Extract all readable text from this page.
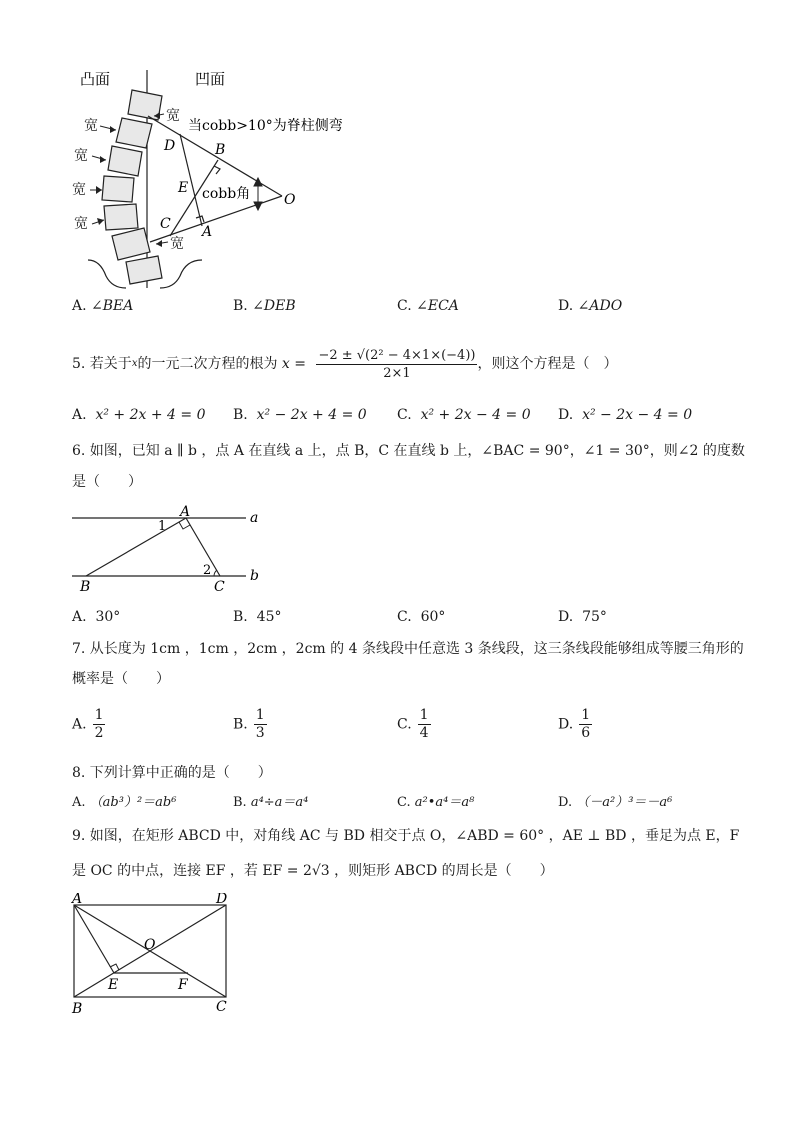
凸面	凹面
宽
宽
宽
宽
宽
宽
当cobb>10°为脊柱侧弯
cobb角
D	B
E
C A
O
A. ∠BEA	B. ∠DEB	C. ∠ECA	D. ∠ADO
5. 若关于$^x$的一元二次方程的根为 $x = \frac{\text{−2 ± √(2² − 4×1×(−4))}}{2\times 1}$ ，则这个方程是（　）
A. x² + 2x + 4 = 0 B. x² − 2x + 4 = 0 C. x² + 2x − 4 = 0 D. x² − 2x − 4 = 0
6. 如图，已知 a ∥ b ，点 A 在直线 a 上，点 B，C 在直线 b 上，∠BAC = 90°，∠1 = 30°，则∠2 的度数
是（　　）
A	a
b
B	C
1
2
A. 30°	B. 45°	C. 60°	D. 75°
7. 从长度为 1cm ，1cm ，2cm ，2cm 的 4 条线段中任意选 3 条线段，这三条线段能够组成等腰三角形的
概率是（　　）
A. $\frac{1}{2}$	B. $\frac{1}{3}$	C. $\frac{1}{4}$	D. $\frac{1}{6}$
8. 下列计算中正确的是（　　）
A. （ab³）²＝ab⁶	B. a⁴÷a＝a⁴	C. a²•a⁴＝a⁸	D. （－a²）³＝－a⁶
9. 如图，在矩形 ABCD 中，对角线 AC 与 BD 相交于点 O，∠ABD = 60° ，AE ⊥ BD ，垂足为点 E，F
是 OC 的中点，连接 EF ，若 EF = 2√3 ，则矩形 ABCD 的周长是（　　）
A	D
O
E	F
B	C
